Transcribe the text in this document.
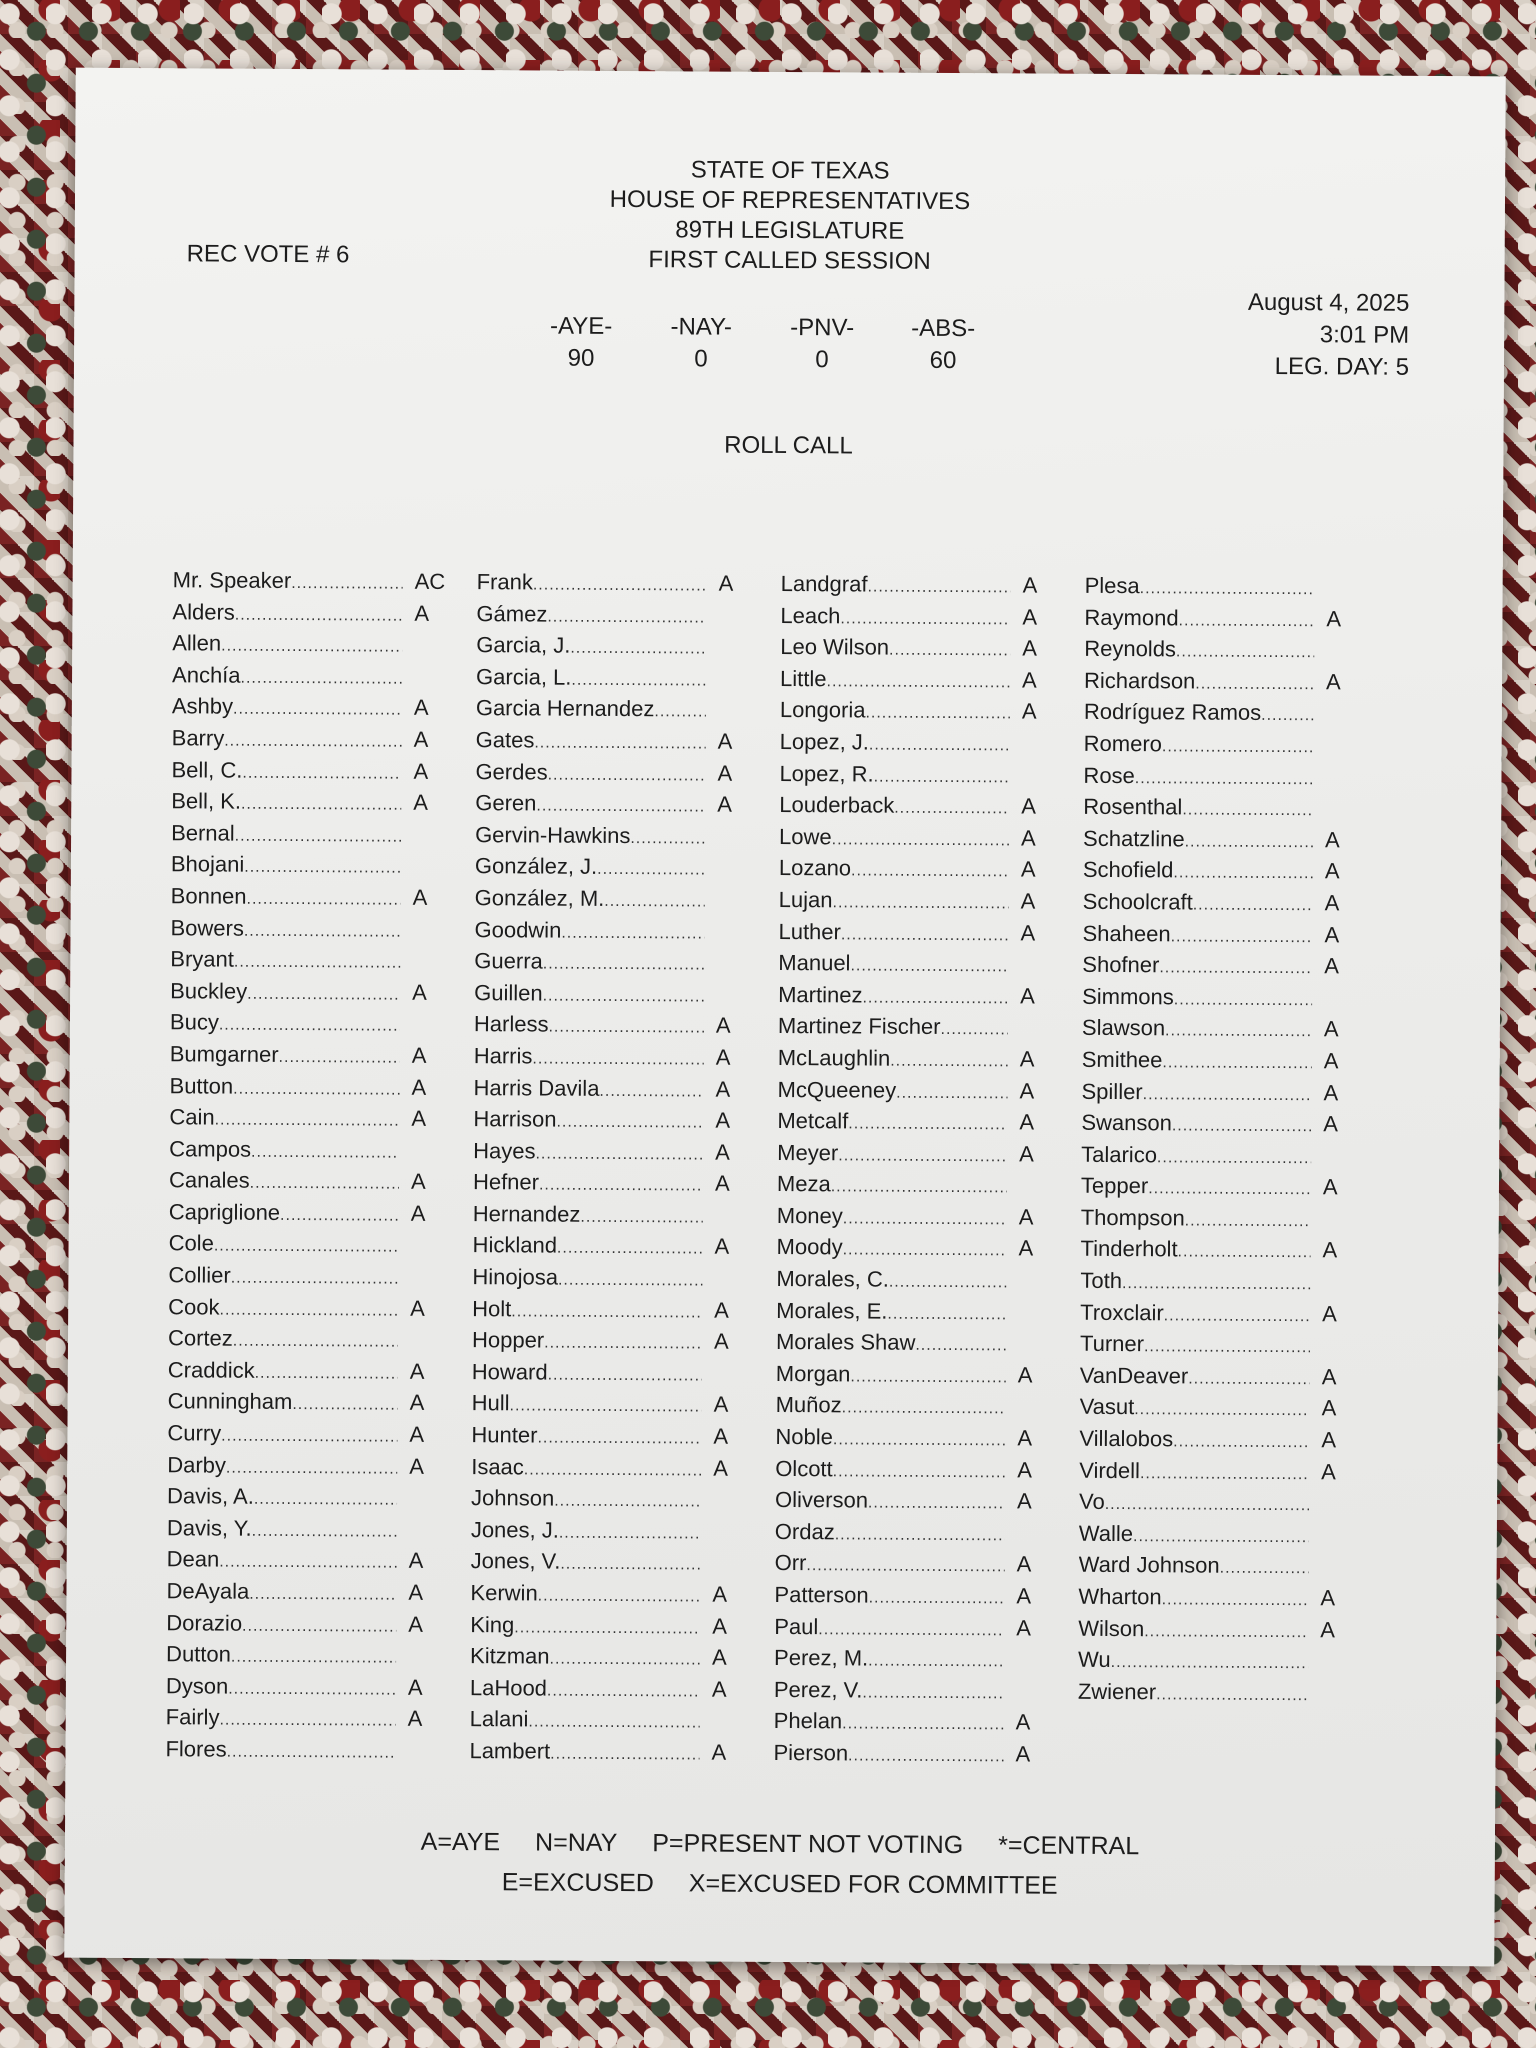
STATE OF TEXAS
HOUSE OF REPRESENTATIVES
89TH LEGISLATURE
FIRST CALLED SESSION
REC VOTE # 6
August 4, 2025
3:01 PM
LEG. DAY: 5
-AYE-
90
-NAY-
0
-PNV-
0
-ABS-
60
ROLL CALL
Mr. Speaker .....	AC
Alders .....	A
Allen .....
Anchía .....
Ashby .....	A
Barry .....	A
Bell, C. .....	A
Bell, K. .....	A
Bernal .....
Bhojani .....
Bonnen .....	A
Bowers .....
Bryant .....
Buckley .....	A
Bucy .....
Bumgarner .....	A
Button .....	A
Cain .....	A
Campos .....
Canales .....	A
Capriglione .....	A
Cole .....
Collier .....
Cook .....	A
Cortez .....
Craddick .....	A
Cunningham .....	A
Curry .....	A
Darby .....	A
Davis, A. .....
Davis, Y. .....
Dean .....	A
DeAyala .....	A
Dorazio .....	A
Dutton .....
Dyson .....	A
Fairly .....	A
Flores .....
Frank .....	A
Gámez .....
Garcia, J. .....
Garcia, L. .....
Garcia Hernandez .....
Gates .....	A
Gerdes .....	A
Geren .....	A
Gervin-Hawkins .....
González, J. .....
González, M. .....
Goodwin .....
Guerra .....
Guillen .....
Harless .....	A
Harris .....	A
Harris Davila .....	A
Harrison .....	A
Hayes .....	A
Hefner .....	A
Hernandez .....
Hickland .....	A
Hinojosa .....
Holt .....	A
Hopper .....	A
Howard .....
Hull .....	A
Hunter .....	A
Isaac .....	A
Johnson .....
Jones, J. .....
Jones, V. .....
Kerwin .....	A
King .....	A
Kitzman .....	A
LaHood .....	A
Lalani .....
Lambert .....	A
Landgraf .....	A
Leach .....	A
Leo Wilson .....	A
Little .....	A
Longoria .....	A
Lopez, J. .....
Lopez, R. .....
Louderback .....	A
Lowe .....	A
Lozano .....	A
Lujan .....	A
Luther .....	A
Manuel .....
Martinez .....	A
Martinez Fischer .....
McLaughlin .....	A
McQueeney .....	A
Metcalf .....	A
Meyer .....	A
Meza .....
Money .....	A
Moody .....	A
Morales, C. .....
Morales, E. .....
Morales Shaw .....
Morgan .....	A
Muñoz .....
Noble .....	A
Olcott .....	A
Oliverson .....	A
Ordaz .....
Orr .....	A
Patterson .....	A
Paul .....	A
Perez, M. .....
Perez, V. .....
Phelan .....	A
Pierson .....	A
Plesa .....
Raymond .....	A
Reynolds .....
Richardson .....	A
Rodríguez Ramos .....
Romero .....
Rose .....
Rosenthal .....
Schatzline .....	A
Schofield .....	A
Schoolcraft .....	A
Shaheen .....	A
Shofner .....	A
Simmons .....
Slawson .....	A
Smithee .....	A
Spiller .....	A
Swanson .....	A
Talarico .....
Tepper .....	A
Thompson .....
Tinderholt .....	A
Toth .....
Troxclair .....	A
Turner .....
VanDeaver .....	A
Vasut .....	A
Villalobos .....	A
Virdell .....	A
Vo .....
Walle .....
Ward Johnson .....
Wharton .....	A
Wilson .....	A
Wu .....
Zwiener .....
A=AYE N=NAY P=PRESENT NOT VOTING *=CENTRAL
E=EXCUSED X=EXCUSED FOR COMMITTEE
